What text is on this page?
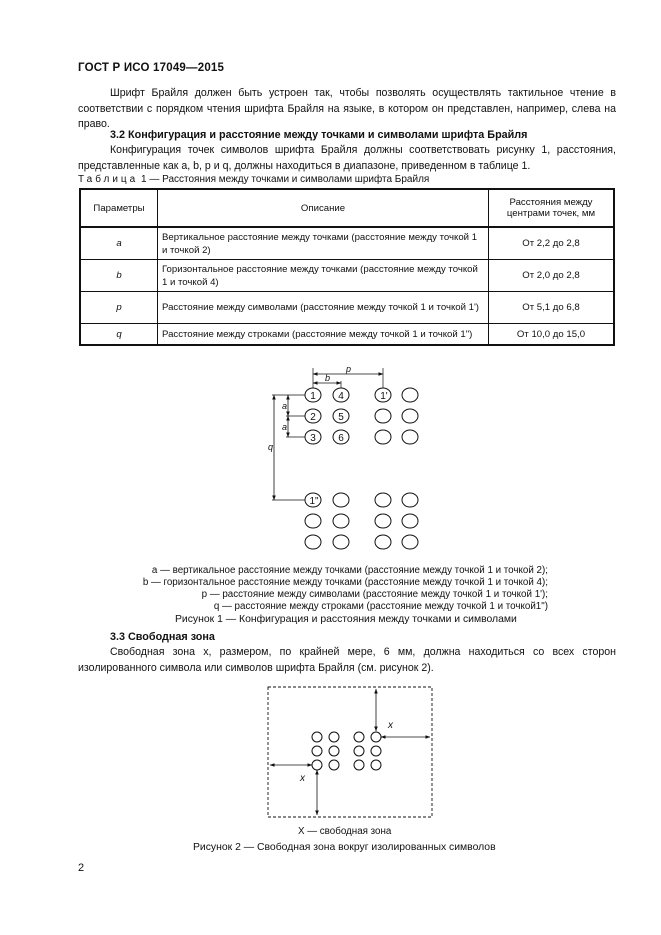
ГОСТ Р ИСО 17049—2015
Шрифт Брайля должен быть устроен так, чтобы позволять осуществлять тактильное чтение в соответствии с порядком чтения шрифта Брайля на языке, в котором он представлен, например, слева на право.
3.2 Конфигурация и расстояние между точками и символами шрифта Брайля
Конфигурация точек символов шрифта Брайля должны соответствовать рисунку 1, расстояния, представленные как a, b, p и q, должны находиться в диапазоне, приведенном в таблице 1.
Таблица 1 — Расстояния между точками и символами шрифта Брайля
Параметры	Описание	Расстояния между центрами точек, мм
a	Вертикальное расстояние между точками (расстояние между точкой 1 и точкой 2)	От 2,2 до 2,8
b	Горизонтальное расстояние между точками (расстояние между точкой 1 и точкой 4)	От 2,0 до 2,8
p	Расстояние между символами (расстояние между точкой 1 и точкой 1')	От 5,1 до 6,8
q	Расстояние между строками (расстояние между точкой 1 и точкой 1")	От 10,0 до 15,0
p
b
a
a
q
1 4
2 5
3 6
1'
1"
a — вертикальное расстояние между точками (расстояние между точкой 1 и точкой 2);
b — горизонтальное расстояние между точками (расстояние между точкой 1 и точкой 4);
p — расстояние между символами (расстояние между точкой 1 и точкой 1');
q — расстояние между строками (расстояние между точкой 1 и точкой1")
Рисунок 1 — Конфигурация и расстояния между точками и символами
3.3 Свободная зона
Свободная зона x, размером, по крайней мере, 6 мм, должна находиться со всех сторон изолированного символа или символов шрифта Брайля (см. рисунок 2).
x
x
X — свободная зона
Рисунок 2 — Свободная зона вокруг изолированных символов
2
